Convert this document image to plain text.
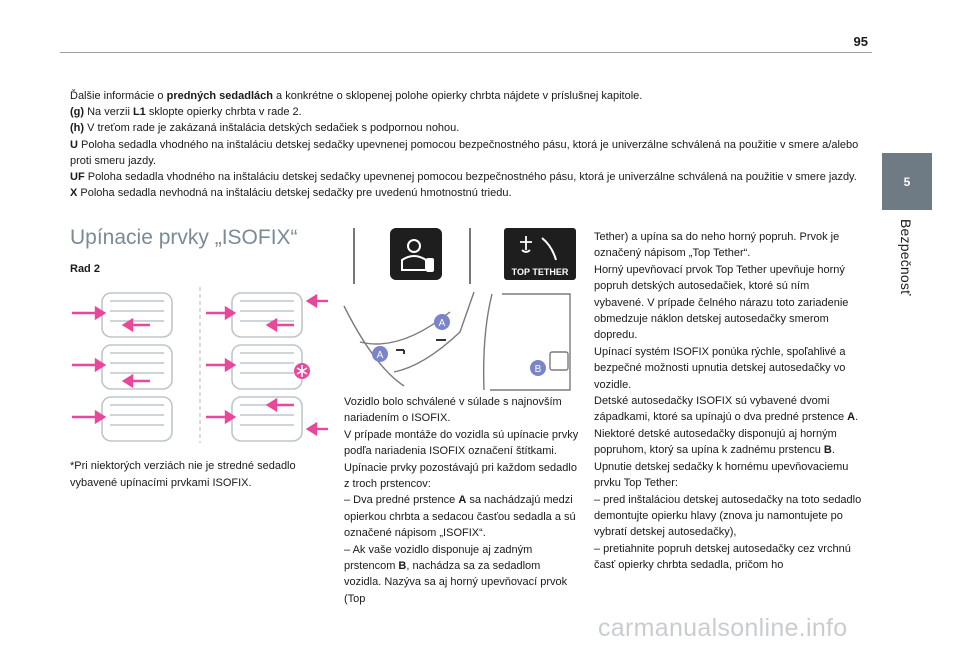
95
5
Bezpečnosť

Ďalšie informácie o predných sedadlách a konkrétne o sklopenej polohe opierky chrbta nájdete v príslušnej kapitole.

(g) Na verzii L1 sklopte opierky chrbta v rade 2.

(h) V treťom rade je zakázaná inštalácia detských sedačiek s podpornou nohou.

U Poloha sedadla vhodného na inštaláciu detskej sedačky upevnenej pomocou bezpečnostného pásu, ktorá je univerzálne schválená na použitie v smere a/alebo proti smeru jazdy.

UF Poloha sedadla vhodného na inštaláciu detskej sedačky upevnenej pomocou bezpečnostného pásu, ktorá je univerzálne schválená na použitie v smere jazdy.

X Poloha sedadla nevhodná na inštaláciu detskej sedačky pre uvedenú hmotnostnú triedu.

Upínacie prvky „ISOFIX“
Rad 2
*Pri niektorých verziách nie je stredné sedadlo vybavené upínacími prvkami ISOFIX.
TOP TETHER
A
A
B

Vozidlo bolo schválené v súlade s najnovším nariadením o ISOFIX.

V prípade montáže do vozidla sú upínacie prvky podľa nariadenia ISOFIX označení štítkami.

Upínacie prvky pozostávajú pri každom sedadlo z troch prstencov:

– Dva predné prstence A sa nachádzajú medzi opierkou chrbta a sedacou časťou sedadla a sú označené nápisom „ISOFIX“.

– Ak vaše vozidlo disponuje aj zadným prstencom B, nachádza sa za sedadlom vozidla. Nazýva sa aj horný upevňovací prvok (Top

Tether) a upína sa do neho horný popruh. Prvok je označený nápisom „Top Tether“.

Horný upevňovací prvok Top Tether upevňuje horný popruh detských autosedačiek, ktoré sú ním vybavené. V prípade čelného nárazu toto zariadenie obmedzuje náklon detskej autosedačky smerom dopredu.

Upínací systém ISOFIX ponúka rýchle, spoľahlivé a bezpečné možnosti upnutia detskej autosedačky vo vozidle.

Detské autosedačky ISOFIX sú vybavené dvomi západkami, ktoré sa upínajú o dva predné prstence A.

Niektoré detské autosedačky disponujú aj horným popruhom, ktorý sa upína k zadnému prstencu B.

Upnutie detskej sedačky k hornému upevňovaciemu prvku Top Tether:

– pred inštaláciou detskej autosedačky na toto sedadlo demontujte opierku hlavy (znova ju namontujete po vybratí detskej autosedačky),

– pretiahnite popruh detskej autosedačky cez vrchnú časť opierky chrbta sedadla, pričom ho

carmanualsonline.info
